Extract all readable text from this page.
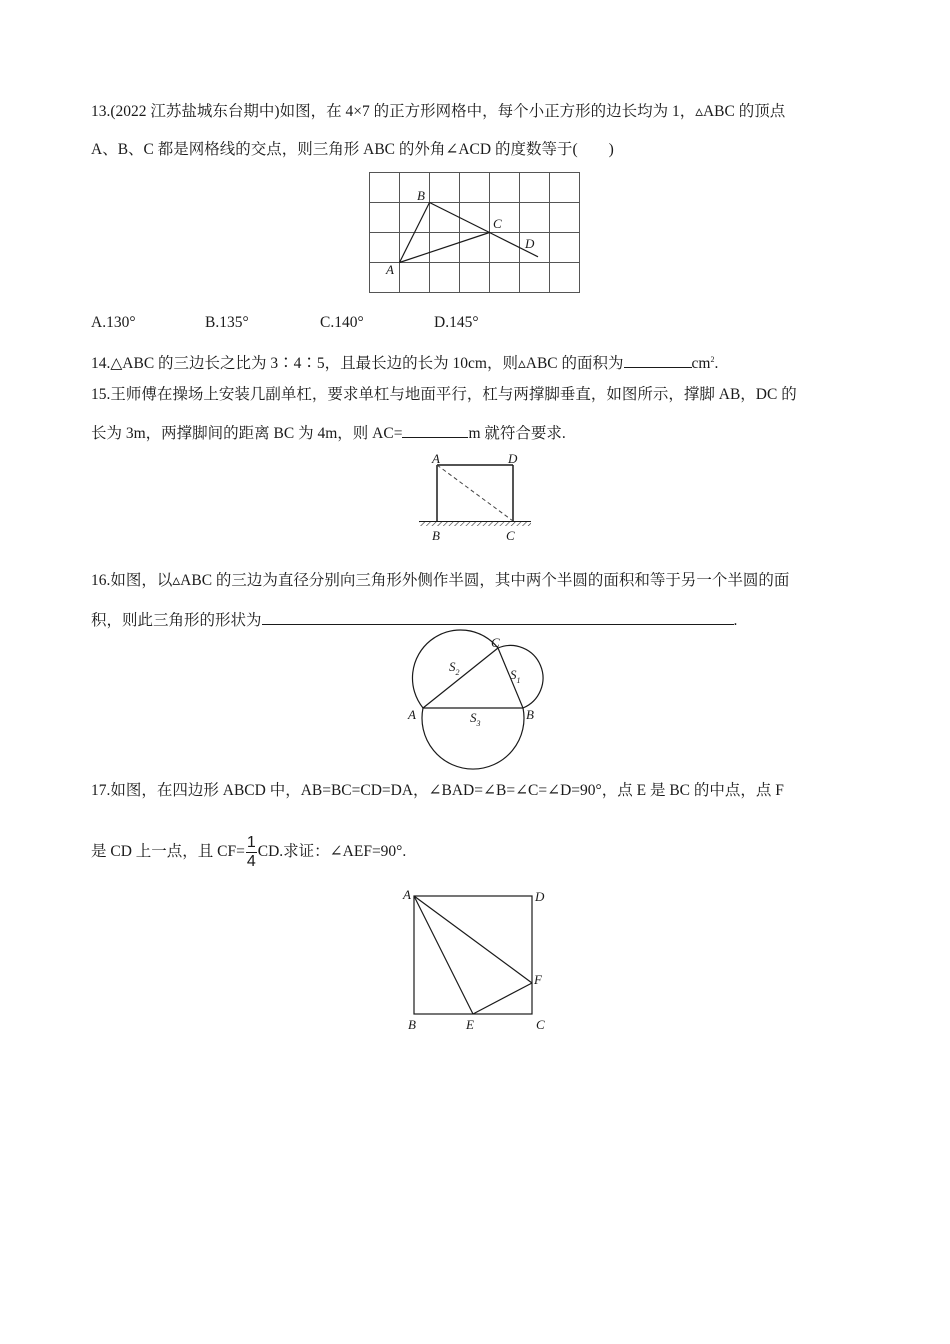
13.(2022 江苏盐城东台期中)如图，在 4×7 的正方形网格中，每个小正方形的边长均为 1，▵ABC 的顶点
A、B、C 都是网格线的交点，则三角形 ABC 的外角∠ACD 的度数等于(　　)
A
B
C
D
A.130°	B.135°	C.140°	D.145°
14.△ABC 的三边长之比为 3∶4∶5，且最长边的长为 10cm，则▵ABC 的面积为	$cm^2$.
15.王师傅在操场上安装几副单杠，要求单杠与地面平行，杠与两撑脚垂直，如图所示，撑脚 AB，DC 的
长为 3m，两撑脚间的距离 BC 为 4m，则 AC=	m 就符合要求.
A	D
B	C
16.如图，以▵ABC 的三边为直径分别向三角形外侧作半圆，其中两个半圆的面积和等于另一个半圆的面
积，则此三角形的形状为	.
A	B
C
$S_2$	$S_1$
$S_3$
17.如图，在四边形 ABCD 中，AB=BC=CD=DA，∠BAD=∠B=∠C=∠D=90°，点 E 是 BC 的中点，点 F
是 CD 上一点，且 $CF= \frac{1}{4}$ CD.求证：∠AEF=90°.
A	D
F
B	E	C
